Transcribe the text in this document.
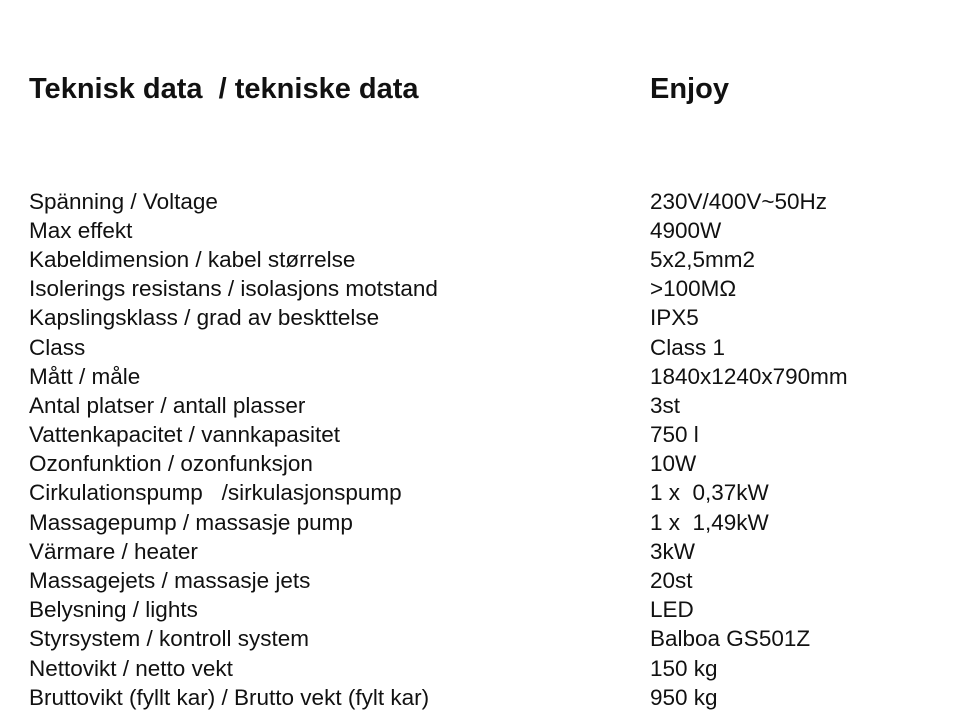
Teknisk data  / tekniske data	Enjoy
Spänning / Voltage	230V/400V~50Hz
Max effekt	4900W
Kabeldimension / kabel størrelse	5x2,5mm2
Isolerings resistans / isolasjons motstand	>100MΩ
Kapslingsklass / grad av beskttelse	IPX5
Class	Class 1
Mått / måle	1840x1240x790mm
Antal platser / antall plasser	3st
Vattenkapacitet / vannkapasitet	750 l
Ozonfunktion / ozonfunksjon	10W
Cirkulationspump   /sirkulasjonspump	1 x  0,37kW
Massagepump / massasje pump	1 x  1,49kW
Värmare / heater	3kW
Massagejets / massasje jets	20st
Belysning / lights	LED
Styrsystem / kontroll system	Balboa GS501Z
Nettovikt / netto vekt	150 kg
Bruttovikt (fyllt kar) / Brutto vekt (fylt kar)	950 kg
